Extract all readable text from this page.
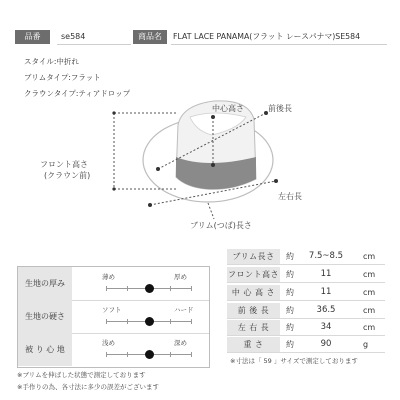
品番	se584	商品名	FLAT LACE PANAMA(フラット レースパナマ)SE584
スタイル:中折れ
ブリムタイプ:フラット
クラウンタイプ:ティアドロップ
中心高さ	前後長
フロント高さ
(クラウン前)
左右長
ブリム(つば)長さ
生地の厚み
薄め	厚め
生地の硬さ
ソフト	ハード
被 り 心 地
浅め	深め
ブリム長さ	約	7.5~8.5	cm
フロント高さ 約	11	cm
中 心 高 さ	約	11	cm
前 後 長	約	36.5	cm
左 右 長	約	34	cm
重 さ	約	90	g
※ブリムを伸ばした状態で測定しております
※手作りの為、各寸法に多少の誤差がございます
※寸法は「 59 」サイズで測定しております
